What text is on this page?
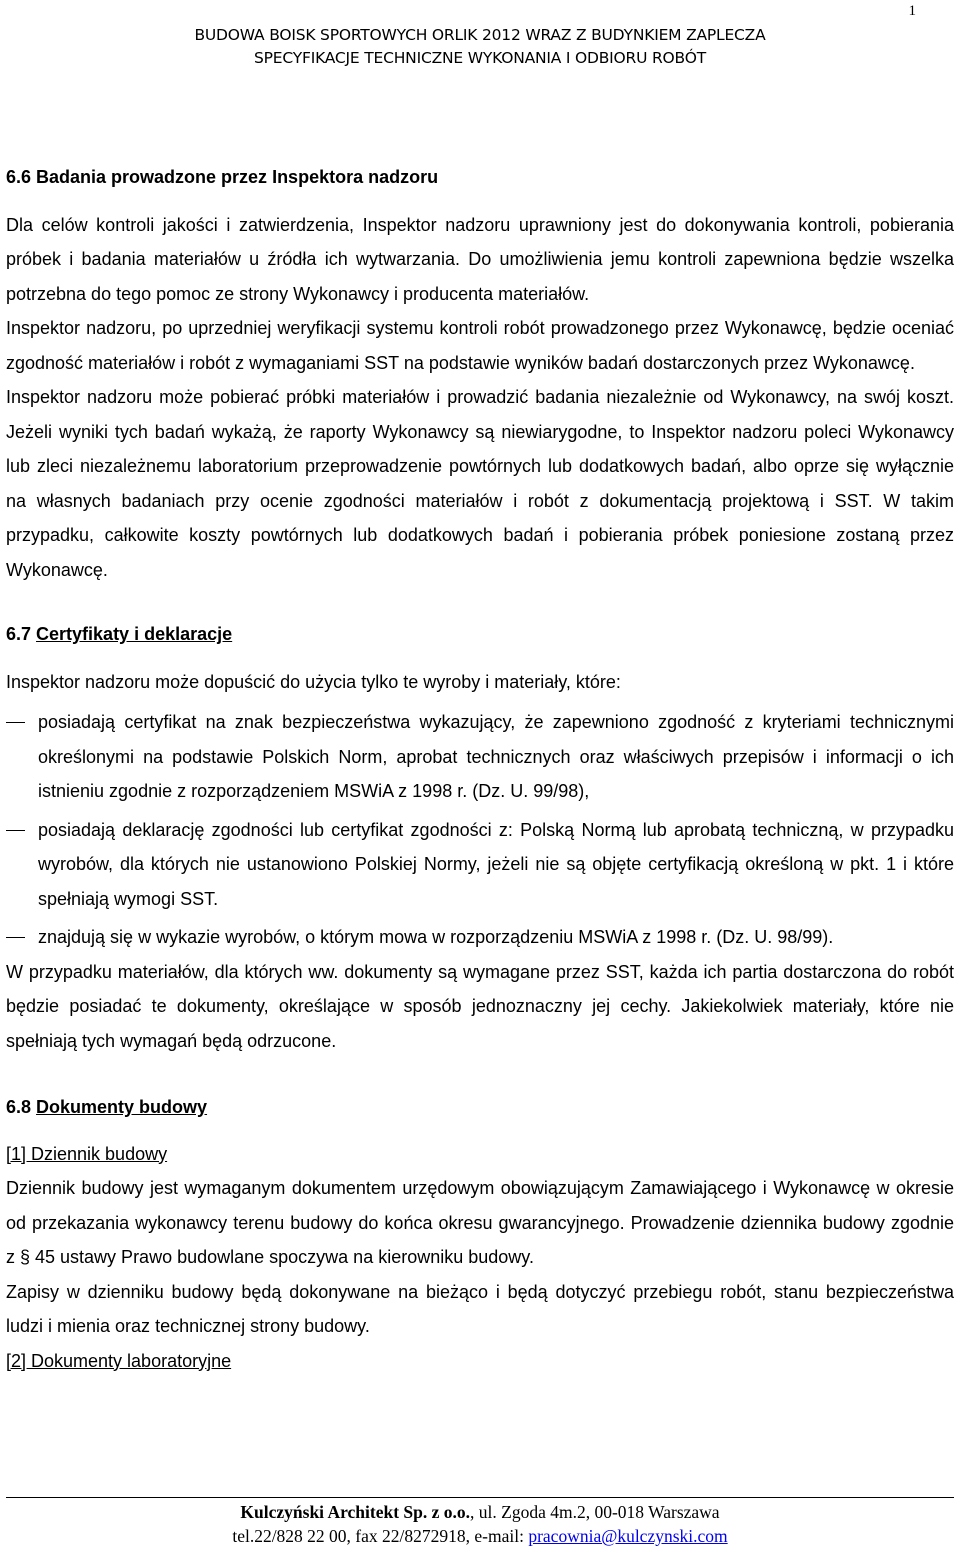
1
BUDOWA BOISK SPORTOWYCH ORLIK 2012 WRAZ Z BUDYNKIEM ZAPLECZA
SPECYFIKACJE TECHNICZNE WYKONANIA I ODBIORU ROBÓT

6.6 Badania prowadzone przez Inspektora nadzoru

Dla celów kontroli jakości i zatwierdzenia, Inspektor nadzoru uprawniony jest do dokonywania kontroli, pobierania próbek i badania materiałów u źródła ich wytwarzania. Do umożliwienia jemu kontroli zapewniona będzie wszelka potrzebna do tego pomoc ze strony Wykonawcy i producenta materiałów.

Inspektor nadzoru, po uprzedniej weryfikacji systemu kontroli robót prowadzonego przez Wykonawcę, będzie oceniać zgodność materiałów i robót z wymaganiami SST na podstawie wyników badań dostarczonych przez Wykonawcę.

Inspektor nadzoru może pobierać próbki materiałów i prowadzić badania niezależnie od Wykonawcy, na swój koszt. Jeżeli wyniki tych badań wykażą, że raporty Wykonawcy są niewiarygodne, to Inspektor nadzoru poleci Wykonawcy lub zleci niezależnemu laboratorium przeprowadzenie powtórnych lub dodatkowych badań, albo oprze się wyłącznie na własnych badaniach przy ocenie zgodności materiałów i robót z dokumentacją projektową i SST. W takim przypadku, całkowite koszty powtórnych lub dodatkowych badań i pobierania próbek poniesione zostaną przez Wykonawcę.

6.7 Certyfikaty i deklaracje

Inspektor nadzoru może dopuścić do użycia tylko te wyroby i materiały, które:

posiadają certyfikat na znak bezpieczeństwa wykazujący, że zapewniono zgodność z kryteriami technicznymi określonymi na podstawie Polskich Norm, aprobat technicznych oraz właściwych przepisów i informacji o ich istnieniu zgodnie z rozporządzeniem MSWiA z 1998 r. (Dz. U. 99/98),
posiadają deklarację zgodności lub certyfikat zgodności z: Polską Normą lub aprobatą techniczną, w przypadku wyrobów, dla których nie ustanowiono Polskiej Normy, jeżeli nie są objęte certyfikacją określoną w pkt. 1 i które spełniają wymogi SST.
znajdują się w wykazie wyrobów, o którym mowa w rozporządzeniu MSWiA z 1998 r. (Dz. U. 98/99).

W przypadku materiałów, dla których ww. dokumenty są wymagane przez SST, każda ich partia dostarczona do robót będzie posiadać te dokumenty, określające w sposób jednoznaczny jej cechy. Jakiekolwiek materiały, które nie spełniają tych wymagań będą odrzucone.

6.8 Dokumenty budowy

[1] Dziennik budowy

Dziennik budowy jest wymaganym dokumentem urzędowym obowiązującym Zamawiającego i Wykonawcę w okresie od przekazania wykonawcy terenu budowy do końca okresu gwarancyjnego. Prowadzenie dziennika budowy zgodnie z § 45 ustawy Prawo budowlane spoczywa na kierowniku budowy.

Zapisy w dzienniku budowy będą dokonywane na bieżąco i będą dotyczyć przebiegu robót, stanu bezpieczeństwa ludzi i mienia oraz technicznej strony budowy.

[2] Dokumenty laboratoryjne

Kulczyński Architekt Sp. z o.o., ul. Zgoda 4m.2, 00-018 Warszawa
tel.22/828 22 00, fax 22/8272918, e-mail: pracownia@kulczynski.com
